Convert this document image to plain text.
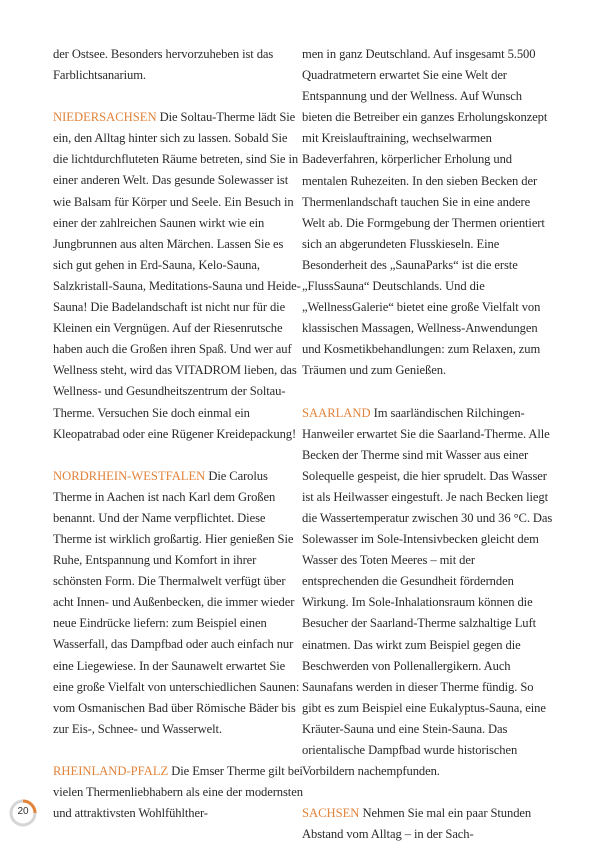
der Ostsee. Besonders hervorzuheben ist das Farblichtsanarium.

NIEDERSACHSEN Die Soltau-Therme lädt Sie ein, den Alltag hinter sich zu lassen. Sobald Sie die lichtdurchfluteten Räume betreten, sind Sie in einer anderen Welt. Das gesunde Solewasser ist wie Balsam für Körper und Seele. Ein Besuch in einer der zahlreichen Saunen wirkt wie ein Jungbrunnen aus alten Märchen. Lassen Sie es sich gut gehen in Erd-Sauna, Kelo-Sauna, Salzkristall-Sauna, Meditations-Sauna und Heide-Sauna! Die Badelandschaft ist nicht nur für die Kleinen ein Vergnügen. Auf der Riesenrutsche haben auch die Großen ihren Spaß. Und wer auf Wellness steht, wird das VITADROM lieben, das Wellness- und Gesundheitszentrum der Soltau-Therme. Versuchen Sie doch einmal ein Kleopatrabad oder eine Rügener Kreidepackung!

NORDRHEIN-WESTFALEN Die Carolus Therme in Aachen ist nach Karl dem Großen benannt. Und der Name verpflichtet. Diese Therme ist wirklich großartig. Hier genießen Sie Ruhe, Entspannung und Komfort in ihrer schönsten Form. Die Thermalwelt verfügt über acht Innen- und Außenbecken, die immer wieder neue Eindrücke liefern: zum Beispiel einen Wasserfall, das Dampfbad oder auch einfach nur eine Liegewiese. In der Saunawelt erwartet Sie eine große Vielfalt von unterschiedlichen Saunen: vom Osmanischen Bad über Römische Bäder bis zur Eis-, Schnee- und Wasserwelt.

RHEINLAND-PFALZ Die Emser Therme gilt bei vielen Thermenliebhabern als eine der modernsten und attraktivsten Wohlfühlther-

men in ganz Deutschland. Auf insgesamt 5.500 Quadratmetern erwartet Sie eine Welt der Entspannung und der Wellness. Auf Wunsch bieten die Betreiber ein ganzes Erholungskonzept mit Kreislauftraining, wechselwarmen Badeverfahren, körperlicher Erholung und mentalen Ruhezeiten. In den sieben Becken der Thermenlandschaft tauchen Sie in eine andere Welt ab. Die Formgebung der Thermen orientiert sich an abgerundeten Flusskieseln. Eine Besonderheit des „SaunaParks“ ist die erste „FlussSauna“ Deutschlands. Und die „WellnessGalerie“ bietet eine große Vielfalt von klassischen Massagen, Wellness-Anwendungen und Kosmetikbehandlungen: zum Relaxen, zum Träumen und zum Genießen.

SAARLAND Im saarländischen Rilchingen-Hanweiler erwartet Sie die Saarland-Therme. Alle Becken der Therme sind mit Wasser aus einer Solequelle gespeist, die hier sprudelt. Das Wasser ist als Heilwasser eingestuft. Je nach Becken liegt die Wassertemperatur zwischen 30 und 36 °C. Das Solewasser im Sole-Intensivbecken gleicht dem Wasser des Toten Meeres – mit der entsprechenden die Gesundheit fördernden Wirkung. Im Sole-Inhalationsraum können die Besucher der Saarland-Therme salzhaltige Luft einatmen. Das wirkt zum Beispiel gegen die Beschwerden von Pollenallergikern. Auch Saunafans werden in dieser Therme fündig. So gibt es zum Beispiel eine Eukalyptus-Sauna, eine Kräuter-Sauna und eine Stein-Sauna. Das orientalische Dampfbad wurde historischen Vorbildern nachempfunden.

SACHSEN Nehmen Sie mal ein paar Stunden Abstand vom Alltag – in der Sach-

20
